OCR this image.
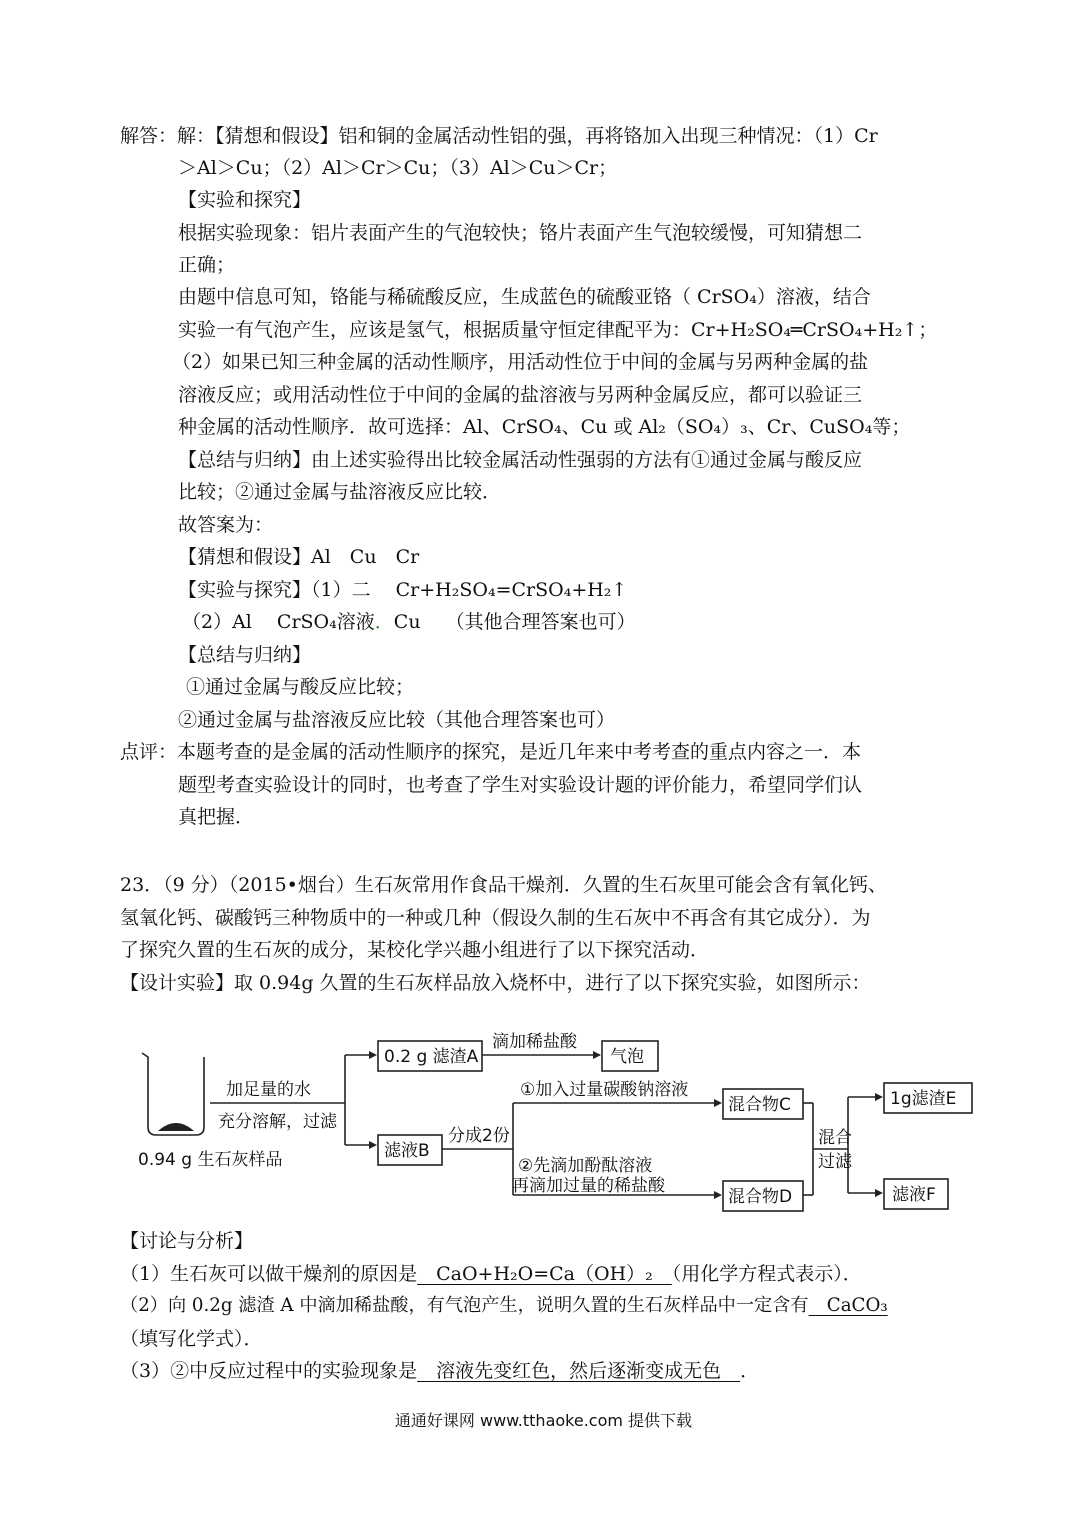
解答：解：【猜想和假设】铝和铜的金属活动性铝的强，再将铬加入出现三种情况：（1）Cr
＞Al＞Cu；（2）Al＞Cr＞Cu；（3）Al＞Cu＞Cr；
【实验和探究】
根据实验现象：铝片表面产生的气泡较快；铬片表面产生气泡较缓慢，可知猜想二
正确；
由题中信息可知，铬能与稀硫酸反应，生成蓝色的硫酸亚铬（ CrSO₄）溶液，结合
实验一有气泡产生，应该是氢气，根据质量守恒定律配平为：Cr+H₂SO₄═CrSO₄+H₂↑；
（2）如果已知三种金属的活动性顺序，用活动性位于中间的金属与另两种金属的盐
溶液反应；或用活动性位于中间的金属的盐溶液与另两种金属反应，都可以验证三
种金属的活动性顺序．故可选择：Al、CrSO₄、Cu 或 Al₂（SO₄）₃、Cr、CuSO₄等；
【总结与归纳】由上述实验得出比较金属活动性强弱的方法有①通过金属与酸反应
比较；②通过金属与盐溶液反应比较．
故答案为：
【猜想和假设】Al　Cu　Cr
【实验与探究】（1）二　 Cr+H₂SO₄=CrSO₄+H₂↑
（2）Al　 CrSO₄溶液．Cu　 （其他合理答案也可）
【总结与归纳】
①通过金属与酸反应比较；
②通过金属与盐溶液反应比较（其他合理答案也可）
点评：本题考查的是金属的活动性顺序的探究，是近几年来中考考查的重点内容之一．本
题型考查实验设计的同时，也考查了学生对实验设计题的评价能力，希望同学们认
真把握．
23．（9 分）（2015•烟台）生石灰常用作食品干燥剂．久置的生石灰里可能会含有氧化钙、
氢氧化钙、碳酸钙三种物质中的一种或几种（假设久制的生石灰中不再含有其它成分）．为
了探究久置的生石灰的成分，某校化学兴趣小组进行了以下探究活动．
【设计实验】取 0.94g 久置的生石灰样品放入烧杯中，进行了以下探究实验，如图所示：
0.94 g 生石灰样品
加足量的水
充分溶解，过滤
0.2 g 滤渣A
滴加稀盐酸
气泡
滤液B
分成2份
①加入过量碳酸钠溶液
②先滴加酚酞溶液
再滴加过量的稀盐酸
混合物C
混合物D
混合
过滤
1g滤渣E
滤液F
【讨论与分析】
（1）生石灰可以做干燥剂的原因是　CaO+H₂O=Ca（OH）₂　（用化学方程式表示）．
（2）向 0.2g 滤渣 A 中滴加稀盐酸，有气泡产生，说明久置的生石灰样品中一定含有　CaCO₃
（填写化学式）．
（3）②中反应过程中的实验现象是　溶液先变红色，然后逐渐变成无色　．
通通好课网 www.tthaoke.com 提供下载
